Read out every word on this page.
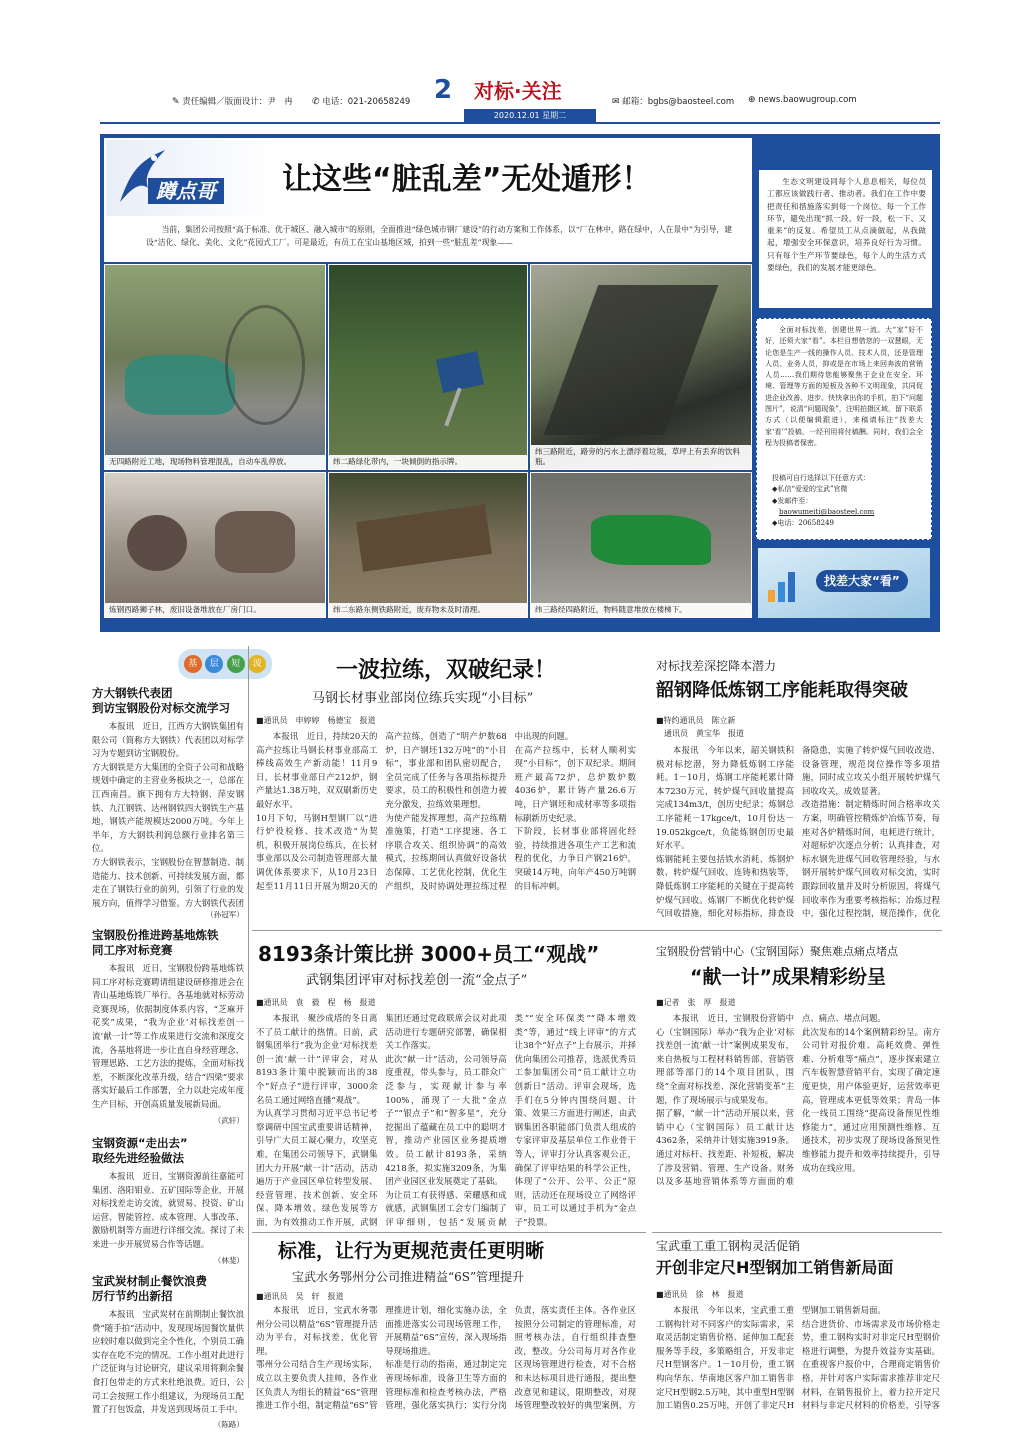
✎ 责任编辑／版面设计：尹　冉 ✆ 电话：021-20658249 2 对标·关注
2020.12.01 星期二
✉ 邮箱：bgbs@baosteel.com ⊕ news.baowugroup.com
蹲点哥 让这些“脏乱差”无处遁形！
当前，集团公司按照“高于标准、优于城区、融入城市”的原则，全面推进“绿色城市钢厂建设”的行动方案和工作体系，以“厂在林中，路在绿中，人在景中”为引导，建设“洁化、绿化、美化、文化”花园式工厂。可是最近，有员工在宝山基地区域，拍到一些“脏乱差”现象——
生态文明建设同每个人息息相关，每位员工都应该做践行者、推动者。我们在工作中要把责任和措施落实到每一个岗位、每一个工作环节，避免出现“抓一段、好一段，松一下、又重来”的反复。希望员工从点滴做起，从我做起，增强安全环保意识，培养良好行为习惯。只有每个生产环节要绿色，每个人的生活方式要绿色，我们的发展才能更绿色。
全面对标找差，创建世界一流。大“家”好不好，还须大家“看”。本栏目想借您的一双慧眼，无论您是生产一线的操作人员、技术人员，还是管理人员、业务人员，抑或是在市场上来回奔波的营销人员……我们期待您能够聚焦于企业在安全、环境、管理等方面的短板及各种不文明现象，共同促进企业改善、进步。快快拿出你的手机，拍下“问题图片”，说清“问题现象”，注明拍摄区域，留下联系方式（以便编辑跟进），来稿请标注“找差大家‘看’”投稿，一经刊用将付稿酬。同时，我们会全程为投稿者保密。
投稿可自行选择以下任意方式：
◆私信“爱爱的宝武”官微
◆发邮件至：
baowumeiti@baosteel.com
◆电话：20658249
找差大家“看”
无四路附近工地，现场物料管理混乱，自动车乱停放。	纬二路绿化带内，一块倾倒的指示牌。
纬三路附近，路旁的污水上漂浮着垃圾，草坪上有丢弃的饮料瓶。
炼钢西路狮子林，废旧设备堆放在厂房门口。	纬二东路东侧铁路附近，废弃物未及时清理。	纬三路经四路附近，物料随意堆放在楼梯下。
基	层	短	波
方大钢铁代表团
到访宝钢股份对标交流学习
本报讯　近日，江西方大钢铁集团有限公司（简称方大钢铁）代表团以对标学习为专题到访宝钢股份。
方大钢铁是方大集团的全资子公司和战略规划中确定的主营业务板块之一，总部在江西南昌。旗下拥有方大特钢、萍安钢铁、九江钢铁、达州钢铁四大钢铁生产基地，钢铁产能规模达2000万吨。今年上半年，方大钢铁利润总额行业排名第三位。
方大钢铁表示，宝钢股份在智慧制造、制造能力、技术创新、可持续发展方面，都走在了钢铁行业的前列，引领了行业的发展方向，值得学习借鉴。方大钢铁代表团
（孙冠军）
宝钢股份推进跨基地炼铁
同工序对标竞赛
本报讯　近日，宝钢股份跨基地炼铁同工序对标竞赛聘请组建设研修推进会在青山基地炼铁厂举行。各基地就对标劳动竞赛现场，依据制度体系内容，“芝麻开花奖”成果，“我为企业‘对标找差创一流’献一计”等工作成果进行交流和深度交流，各基地将进一步让直自身经营理念、管理思路、工艺方法的提炼，全面对标找差，不断深化改革升级，结合“四梁”要求落实好最后工作部署，全力以赴完成年度生产目标，开创高质量发展新局面。
（武轩）
宝钢资源“走出去”
取经先进经验做法
本报讯　近日，宝钢资源前往嘉能可集团、洛阳钼业、五矿国际等企业，开展对标找差走访交流，就贸易、投资、矿山运营、智能管控、成本管理、人事改革、激励机制等方面进行详细交流。探讨了未来进一步开展贸易合作等话题。
（林斐）
宝武炭材制止餐饮浪费
厉行节约出新招
本报讯　宝武炭材在前期制止餐饮浪费“随手拍”活动中，发现现场因餐饮量供应较时难以做到完全个性化，个别员工确实存在吃不完的情况。工作小组对此进行广泛征询与讨论研究，建议采用将剩余餐食打包带走的方式来杜绝浪费。近日，公司工会按照工作小组建议，为现场员工配置了打包饭盒，并发送到现场员工手中。
（陈路）
一波拉练，双破纪录！
马钢长材事业部岗位练兵实现“小目标”
■通讯员　申婷婷　杨德宝　报道
本报讯　近日，持续20天的高产拉练让马钢长材事业部高工棒线高效生产新动能！11月9日，长材事业部日产212炉，钢产量达1.38万吨，双双刷新历史最好水平。
10月下旬，马钢H型钢厂以“进行炉役检修、技术改造”为契机，积极开展岗位练兵，在长材事业部以及公司制造管理部大量调优体系要求下，从10月23日起至11月11日开展为期20天的高产拉练，创造了“明产炉数68炉，日产钢坯132万吨”的“小目标”，事业部和团队密切配合，全员完成了任务与各项指标提升要求，员工的积极性和创造力被充分激发，拉练效果理想。
为使产能发挥理想，高产拉练精准施策，打造“工序提速、各工序联合攻关、组织协调”的高效模式，拉练期间认真做好设备状态保障、工艺优化控制，优化生产组织，及时协调处理拉练过程中出现的问题。
在高产拉练中，长材人顺利实现“小目标”，创下双纪录。期间班产最高72炉，总炉数炉数4036炉，累计铸产量26.6万吨，日产钢坯和成材率等多项指标刷新历史纪录。
下阶段，长材事业部将固化经验，持续推进各项生产工艺和流程的优化，力争日产钢216炉，突破14万吨，向年产450万吨钢的目标冲刺。
对标找差深挖降本潜力
韶钢降低炼钢工序能耗取得突破
■特约通讯员　陈立新
　通讯员　黄宝华　报道
本报讯　今年以来，韶关钢铁积极对标挖潜，努力降低炼钢工序能耗。1－10月，炼钢工序能耗累计降本7230万元，转炉煤气回收量提高完成134m3/t，创历史纪录；炼钢总工序能耗－17kgce/t，10月份达－19.052kgce/t，负能炼钢创历史最好水平。
炼钢能耗主要包括铁水消耗、炼钢炉数、转炉煤气回收、连铸和热装等，降低炼钢工序能耗的关键在于提高转炉煤气回收。炼钢厂不断优化转炉煤气回收措施，细化对标指标，排查设备隐患，实施了转炉煤气回收改造、设备管理，规范岗位操作等多项措施，同时成立攻关小组开展转炉煤气回收攻关，成效显著。
改造措施：制定精炼时间合格率攻关方案，明确管控精炼炉冶炼节奏，每座对各炉精炼时间，电耗进行统计，对超标炉次逐点分析；认真排查，对标水钢先进煤气回收管理经验，与水钢开展转炉煤气回收对标交流，实时跟踪回收量并及时分析原因，将煤气回收率作为重要考核指标；冶炼过程中，强化过程控制，规范操作，优化

8193条计策比拼 3000+员工“观战”
武钢集团评审对标找差创一流“金点子”
■通讯员　袁　毅　程　杨　报道
本报讯　聚沙成塔的冬日离不了员工献计的热情。日前，武钢集团举行“我为企业‘对标找差创一流’献一计”评审会，对从8193条计策中脱颖而出的38个“好点子”进行评审，3000余名员工通过网络直播“观战”。
为认真学习贯彻习近平总书记考察调研中国宝武重要讲话精神，引导广大员工凝心聚力，攻坚克难，在集团公司领导下，武钢集团大力开展“献一计”活动，活动遍历于产业园区单位转型发展、经营管理、技术创新、安全环保、降本增效、绿色发展等方面，为有效推动工作开展，武钢集团还通过党政联席会议对此项活动进行专题研究部署，确保相关工作落实。
此次“献一计”活动，公司领导高度重视，带头参与，员工群众广泛参与，实现献计参与率100%，涌现了一大批“金点子”“银点子”和“智多星”，充分挖掘出了蕴藏在员工中的聪明才智，推动产业园区业务提质增效。员工献计8193条，采纳4218条，拟实施3209条，为集团产业园区业发展奠定了基础。
为让员工有获得感、荣耀感和成就感，武钢集团工会专门编制了评审细则，包括“发展贡献类”“安全环保类”“降本增效类”等，通过“线上评审”的方式让38个“好点子”上台展示，并择优向集团公司推荐，选派优秀员工参加集团公司“员工献计立功创新日”活动。评审会现场，选手们在5分钟内围绕问题、计策、效果三方面进行阐述，由武钢集团各职能部门负责人组成的专家评审及基层单位工作业骨干等人，评审打分认真客观公正，确保了评审结果的科学公正性，体现了“公开、公平、公正”原则，活动还在现场设立了网络评审，员工可以通过手机为“金点子”投票。

宝钢股份营销中心（宝钢国际）聚焦难点痛点堵点
“献一计”成果精彩纷呈
■记者　张　厚　报道
本报讯　近日，宝钢股份营销中心（宝钢国际）举办“我为企业‘对标找差创一流’献一计”案例成果发布，来自热板与工程材料销售部、营销管理部等部门的14个项目团队，围绕“全面对标找差、深化营销变革”主题，作了现场展示与成果发布。
据了解，“献一计”活动开展以来，营销中心（宝钢国际）员工献计达4362条，采纳并计划实施3919条。通过对标杆、找差距、补短板，解决了涉及营销、管理、生产设备、财务以及多基地营销体系等方面面的难点、痛点、堵点问题。
此次发布的14个案例精彩纷呈。南方公司针对报价难、高耗效费、弹性难、分析难等“痛点”，逐步探索建立汽车板智慧营销平台，实现了确定速度更快，用户体验更好，运营效率更高，管理成本更低等效果；青岛一体化一线员工围绕“提高设备预见性维修能力”，通过应用预测性维修、互通技术，初步实现了现场设备预见性维修能力提升和效率持续提升，引导成功在线应用。
标准，让行为更规范责任更明晰
宝武水务鄂州分公司推进精益“6S”管理提升
■通讯员　吴　轩　报道
本报讯　近日，宝武水务鄂州分公司以精益“6S”管理提升活动为平台，对标找差，优化管理。
鄂州分公司结合生产现场实际，成立以主要负责人挂帅，各作业区负责人为组长的精益“6S”管理推进工作小组，制定精益“6S”管理推进计划，细化实施办法，全面推进落实公司现场管理工作，开展精益“6S”宣传，深入现场指导现场推进。
标准是行动的指南，通过制定完善现场标准，设备卫生等方面的管理标准和检查考核办法，严格管理，强化落实执行；实行分岗负责，落实责任主体。各作业区按照分公司制定的管理标准，对照考核办法，自行组织排查整改，整改。分公司每月对各作业区现场管理进行检查，对不合格和未达标项目进行通报，提出整改意见和建议，限期整改，对现场管理整改较好的典型案例，方

宝武重工重工钢构灵活促销
开创非定尺H型钢加工销售新局面
■通讯员　徐　林　报道
本报讯　今年以来，宝武重工重工钢构针对不同客户的实际需求，采取灵活制定销售价格、延伸加工配套服务等手段，多策略组合，开发非定尺H型钢客户。1－10月份，重工钢构向华东、华南地区客户加工销售非定尺H型钢2.5万吨，其中重型H型钢加工销售0.25万吨，开创了非定尺H型钢加工销售新局面。
结合进货价、市场需求及市场价格走势，重工钢构实时对非定尺H型钢价格进行调整，为提升效益夯实基础。在重视客户报价中，合理商定销售价格，并针对客户实际需求推荐非定尺材料，在销售报价上，着力拉开定尺材料与非定尺材料的价格差，引导客
